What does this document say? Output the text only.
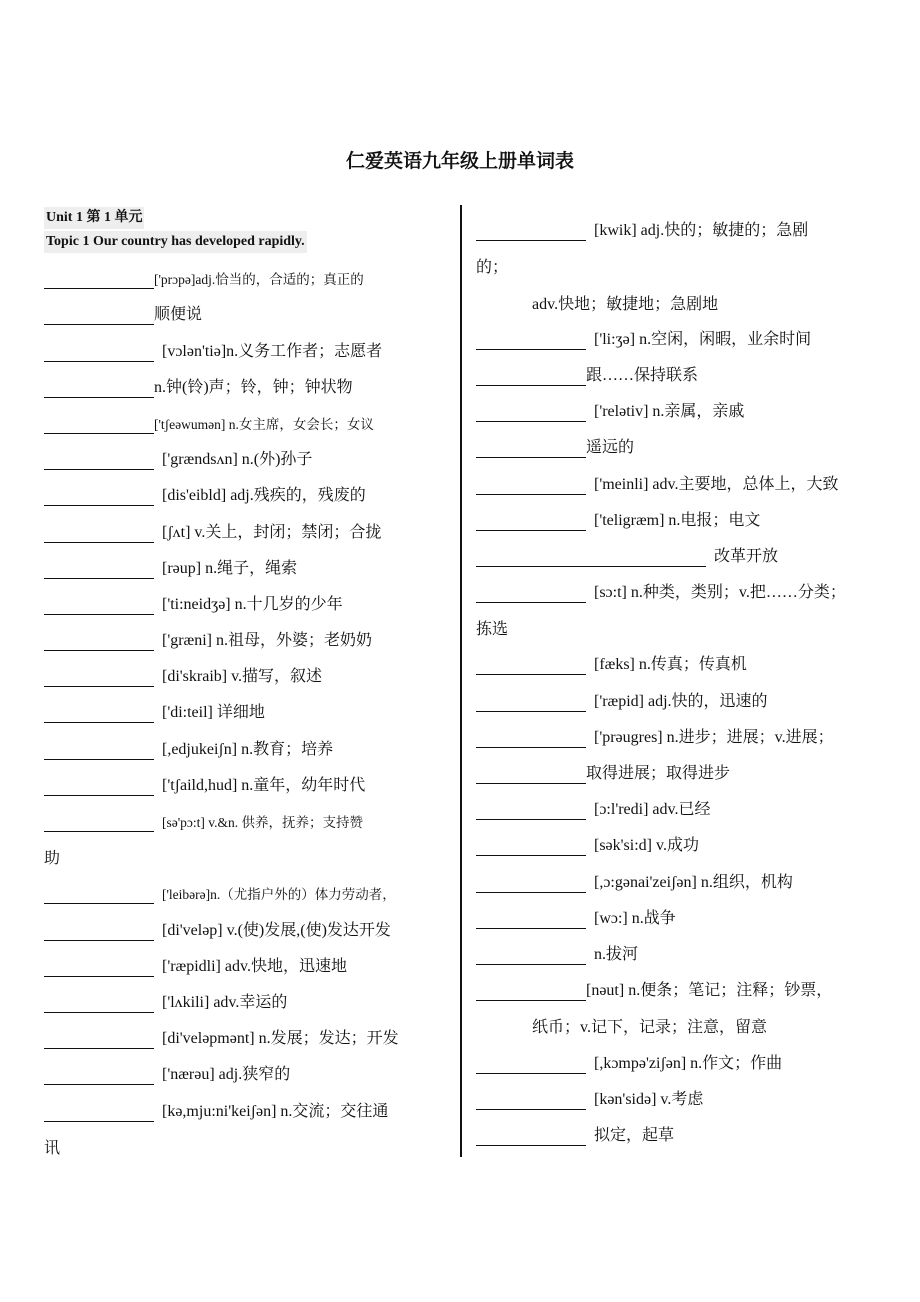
仁爱英语九年级上册单词表
Unit 1 第 1 单元
Topic 1 Our country has developed rapidly.
['prɔpə]adj.恰当的，合适的；真正的
顺便说
[vɔlən'tiə]n.义务工作者；志愿者
n.钟(铃)声；铃，钟；钟状物
['tʃeəwumən] n.女主席，女会长；女议
['grændsʌn] n.(外)孙子
[dis'eibld] adj.残疾的，残废的
[ʃʌt] v.关上，封闭；禁闭；合拢
[rəup] n.绳子，绳索
['ti:neidʒə] n.十几岁的少年
['græni] n.祖母，外婆；老奶奶
[di'skraib] v.描写，叙述
['di:teil] 详细地
[,edjukeiʃn] n.教育；培养
['tʃaild,hud] n.童年，幼年时代
[sə'pɔ:t] v.&n. 供养，抚养；支持赞
助
['leibərə]n.（尤指户外的）体力劳动者，
[di'veləp] v.(使)发展,(使)发达开发
['ræpidli] adv.快地，迅速地
['lʌkili] adv.幸运的
[di'veləpmənt] n.发展；发达；开发
['nærəu] adj.狭窄的
[kə,mju:ni'keiʃən] n.交流；交往通
讯
[kwik] adj.快的；敏捷的；急剧
的；
adv.快地；敏捷地；急剧地
['li:ʒə] n.空闲，闲暇，业余时间
跟……保持联系
['relətiv] n.亲属，亲戚
遥远的
['meinli] adv.主要地，总体上，大致
['teligræm] n.电报；电文
改革开放
[sɔ:t] n.种类，类别；v.把……分类；
拣选
[fæks] n.传真；传真机
['ræpid] adj.快的，迅速的
['prəugres] n.进步；进展；v.进展；
取得进展；取得进步
[ɔ:l'redi] adv.已经
[sək'si:d] v.成功
[,ɔ:gənai'zeiʃən] n.组织，机构
[wɔ:] n.战争
n.拔河
[nəut] n.便条；笔记；注释；钞票，
纸币；v.记下，记录；注意，留意
[,kɔmpə'ziʃən] n.作文；作曲
[kən'sidə] v.考虑
拟定，起草
